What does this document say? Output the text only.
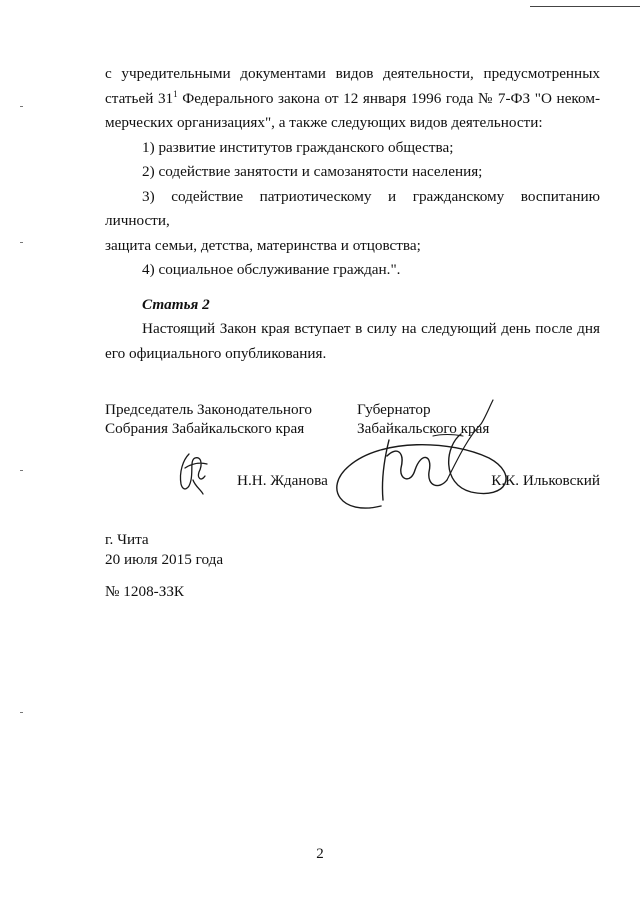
с учредительными документами видов деятельности, предусмотренных

статьей $31^1$ Федерального закона от 12 января 1996 года № 7-ФЗ "О неком-

мерческих организациях", а также следующих видов деятельности:

1) развитие институтов гражданского общества;

2) содействие занятости и самозанятости населения;

3) содействие патриотическому и гражданскому воспитанию личности,

защита семьи, детства, материнства и отцовства;

4) социальное обслуживание граждан.".

Статья 2

Настоящий Закон края вступает в силу на следующий день после дня

его официального опубликования.

Председатель Законодательного
Собрания Забайкальского края
Губернатор
Забайкальского края
Н.Н. Жданова	К.К. Ильковский
г. Чита
20 июля 2015 года
№ 1208-ЗЗК
2
